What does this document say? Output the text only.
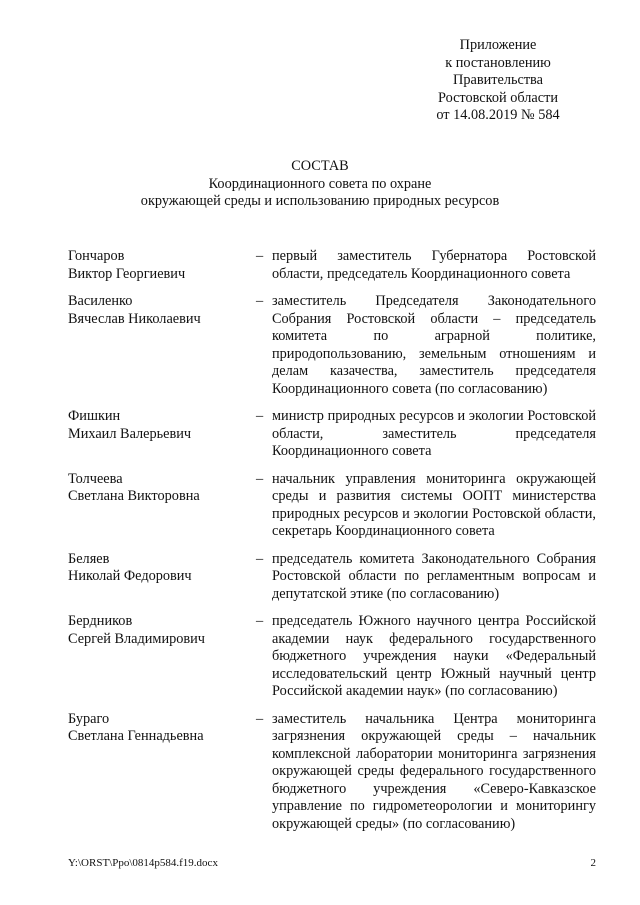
Приложение
к постановлению
Правительства
Ростовской области
от 14.08.2019 № 584
СОСТАВ
Координационного совета по охране
окружающей среды и использованию природных ресурсов
Гончаров
Виктор Георгиевич
– первый заместитель Губернатора Ростовской области, председатель Координационного совета
Василенко
Вячеслав Николаевич
– заместитель Председателя Законодательного Собрания Ростовской области – председатель комитета по аграрной политике, природопользованию, земельным отношениям и делам казачества, заместитель председателя Координационного совета (по согласованию)
Фишкин
Михаил Валерьевич
– министр природных ресурсов и экологии Ростовской области, заместитель председателя Координационного совета
Толчеева
Светлана Викторовна
– начальник управления мониторинга окружающей среды и развития системы ООПТ министерства природных ресурсов и экологии Ростовской области, секретарь Координационного совета
Беляев
Николай Федорович
– председатель комитета Законодательного Собрания Ростовской области по регламентным вопросам и депутатской этике (по согласованию)
Бердников
Сергей Владимирович
– председатель Южного научного центра Российской академии наук федерального государственного бюджетного учреждения науки «Федеральный исследовательский центр Южный научный центр Российской академии наук» (по согласованию)
Бураго
Светлана Геннадьевна
– заместитель начальника Центра мониторинга загрязнения окружающей среды – начальник комплексной лаборатории мониторинга загрязнения окружающей среды федерального государственного бюджетного учреждения «Северо-Кавказское управление по гидрометеорологии и мониторингу окружающей среды» (по согласованию)
Y:\ORST\Ppo\0814p584.f19.docx	2
